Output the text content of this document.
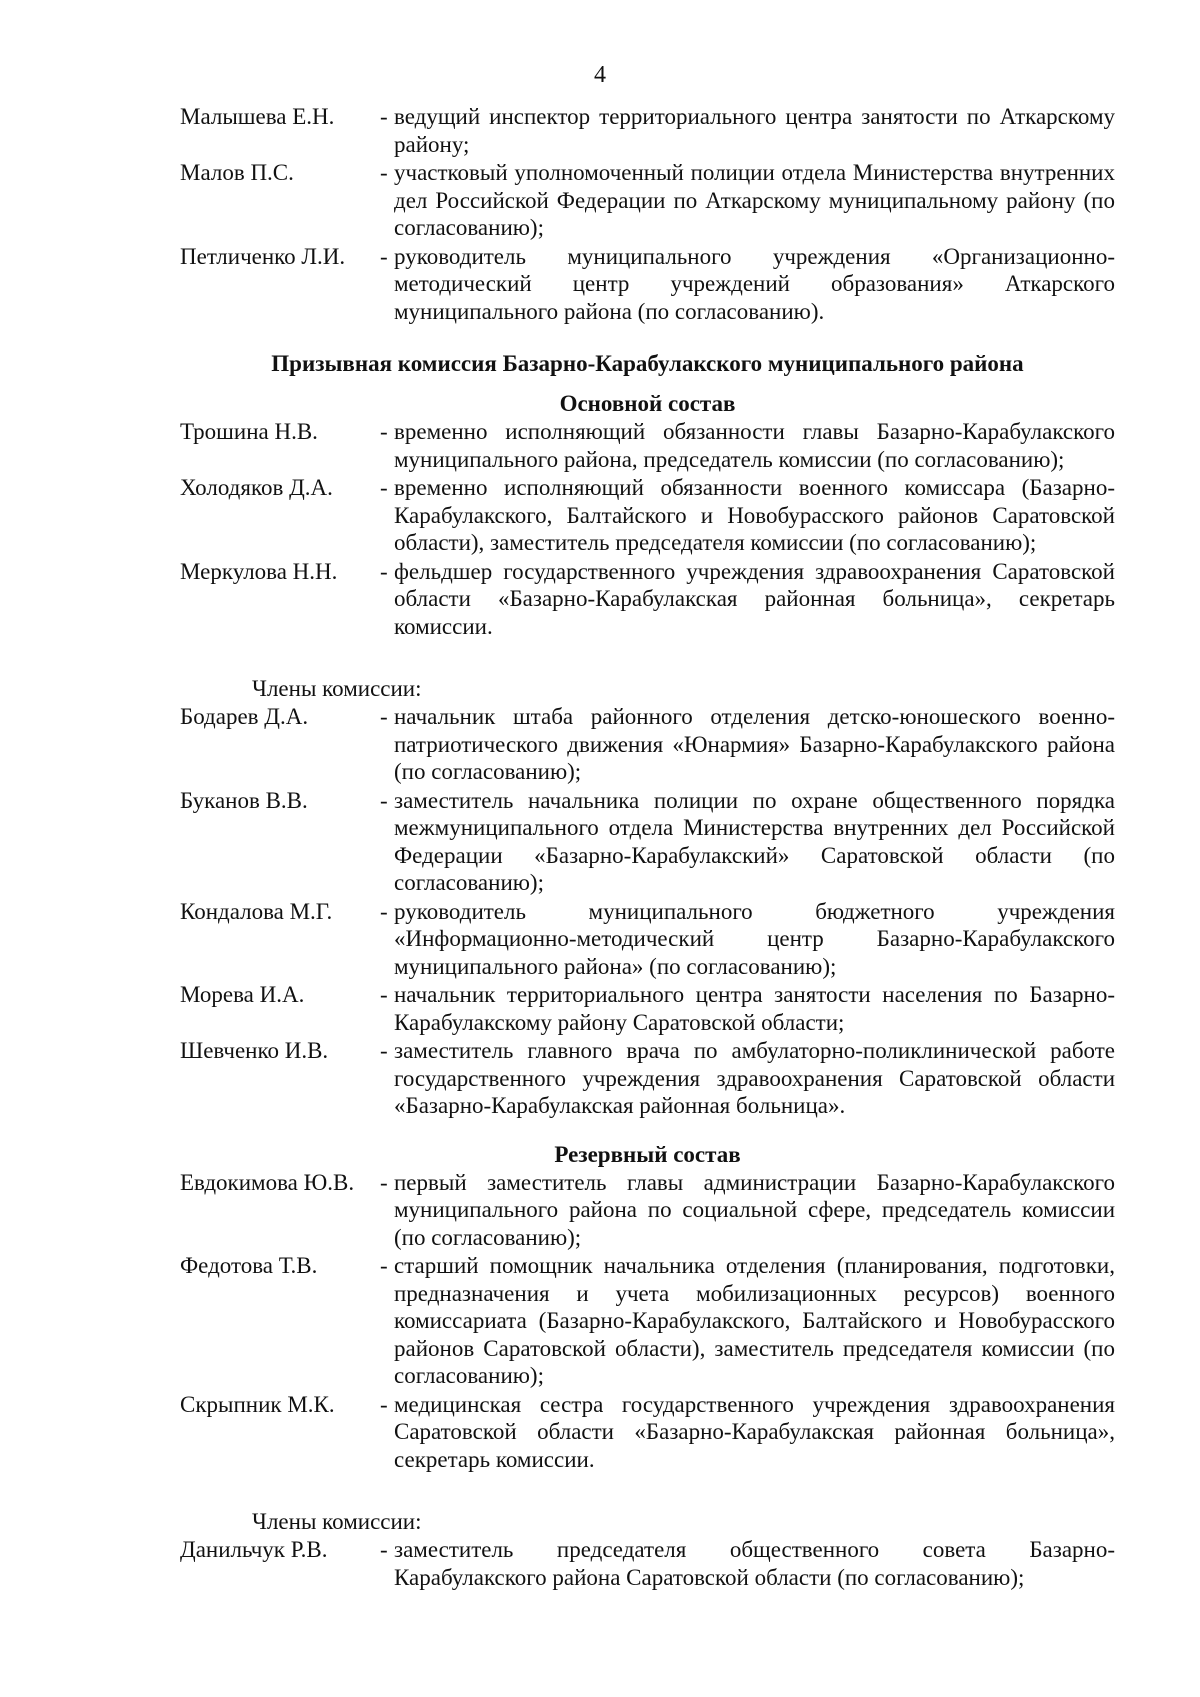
4
Малышева Е.Н.	- ведущий инспектор территориального центра занятости по Аткарскому району;
Малов П.С.	- участковый уполномоченный полиции отдела Министерства внутренних дел Российской Федерации по Аткарскому муниципальному району (по согласованию);
Петличенко Л.И.	- руководитель муниципального учреждения «Организационно-методический центр учреждений образования» Аткарского муниципального района (по согласованию).
Призывная комиссия Базарно-Карабулакского муниципального района
Основной состав
Трошина Н.В.	- временно исполняющий обязанности главы Базарно-Карабулакского муниципального района, председатель комиссии (по согласованию);
Холодяков Д.А.	- временно исполняющий обязанности военного комиссара (Базарно-Карабулакского, Балтайского и Новобурасского районов Саратовской области), заместитель председателя комиссии (по согласованию);
Меркулова Н.Н.	- фельдшер государственного учреждения здравоохранения Саратовской области «Базарно-Карабулакская районная больница», секретарь комиссии.
Члены комиссии:
Бодарев Д.А.	- начальник штаба районного отделения детско-юношеского военно-патриотического движения «Юнармия» Базарно-Карабулакского района (по согласованию);
Буканов В.В.	- заместитель начальника полиции по охране общественного порядка межмуниципального отдела Министерства внутренних дел Российской Федерации «Базарно-Карабулакский» Саратовской области (по согласованию);
Кондалова М.Г.	- руководитель муниципального бюджетного учреждения «Информационно-методический центр Базарно-Карабулакского муниципального района» (по согласованию);
Морева И.А.	- начальник территориального центра занятости населения по Базарно-Карабулакскому району Саратовской области;
Шевченко И.В.	- заместитель главного врача по амбулаторно-поликлинической работе государственного учреждения здравоохранения Саратовской области «Базарно-Карабулакская районная больница».
Резервный состав
Евдокимова Ю.В.	- первый заместитель главы администрации Базарно-Карабулакского муниципального района по социальной сфере, председатель комиссии (по согласованию);
Федотова Т.В.	- старший помощник начальника отделения (планирования, подготовки, предназначения и учета мобилизационных ресурсов) военного комиссариата (Базарно-Карабулакского, Балтайского и Новобурасского районов Саратовской области), заместитель председателя комиссии (по согласованию);
Скрыпник М.К.	- медицинская сестра государственного учреждения здравоохранения Саратовской области «Базарно-Карабулакская районная больница», секретарь комиссии.
Члены комиссии:
Данильчук Р.В.	- заместитель председателя общественного совета Базарно-Карабулакского района Саратовской области (по согласованию);
